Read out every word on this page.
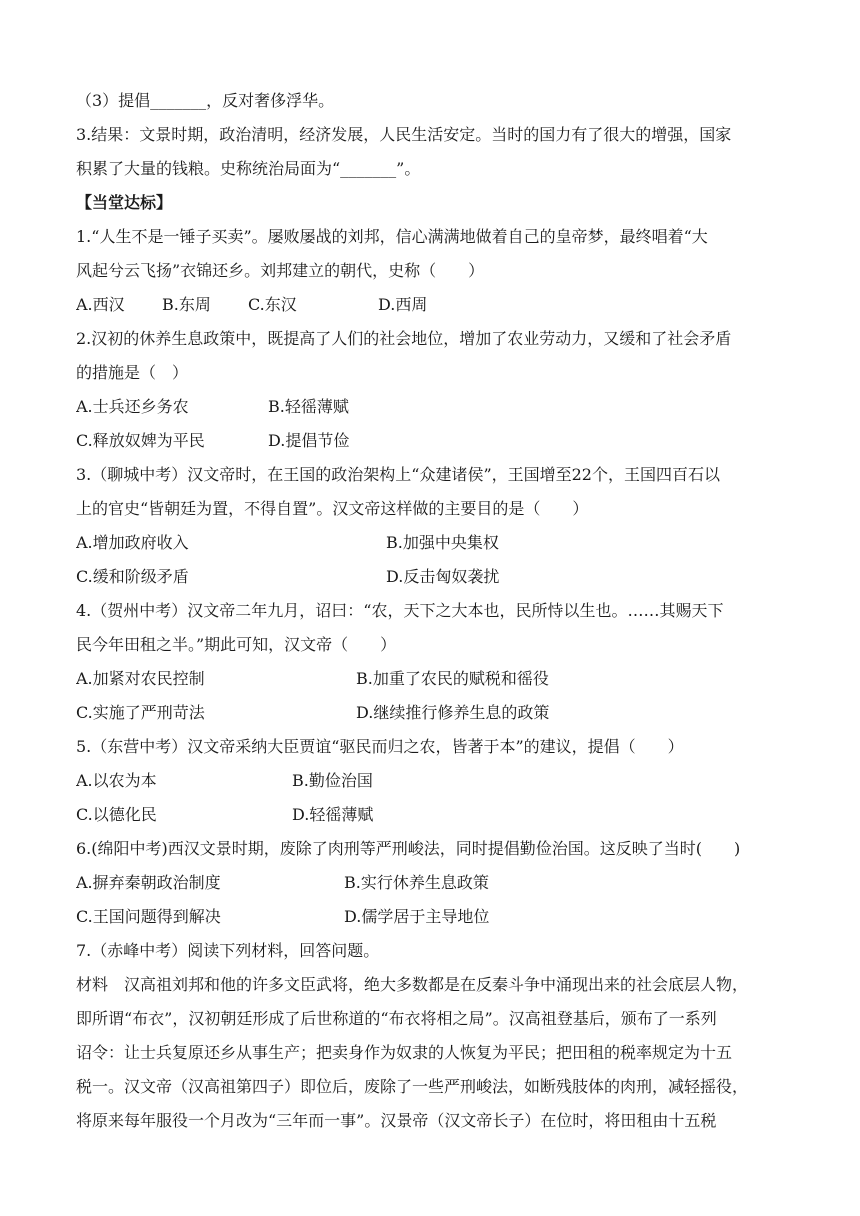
（3）提倡_______，反对奢侈浮华。
3.结果：文景时期，政治清明，经济发展，人民生活安定。当时的国力有了很大的增强，国家
积累了大量的钱粮。史称统治局面为“_______”。
【当堂达标】
1.“人生不是一锤子买卖”。屡败屡战的刘邦，信心满满地做着自己的皇帝梦，最终唱着“大
风起兮云飞扬”衣锦还乡。刘邦建立的朝代，史称（　　）
A.西汉	B.东周	C.东汉	D.西周
2.汉初的休养生息政策中，既提高了人们的社会地位，增加了农业劳动力，又缓和了社会矛盾
的措施是（　）
A.士兵还乡务农	B.轻徭薄赋
C.释放奴婢为平民	D.提倡节俭
3.（聊城中考）汉文帝时，在王国的政治架构上“众建诸侯”，王国增至22个，王国四百石以
上的官史“皆朝廷为置，不得自置”。汉文帝这样做的主要目的是（　　）
A.增加政府收入	B.加强中央集权
C.缓和阶级矛盾	D.反击匈奴袭扰
4.（贺州中考）汉文帝二年九月，诏曰：“农，天下之大本也，民所恃以生也。……其赐天下
民今年田租之半。”期此可知，汉文帝（　　）
A.加紧对农民控制	B.加重了农民的赋税和徭役
C.实施了严刑苛法	D.继续推行修养生息的政策
5.（东营中考）汉文帝采纳大臣贾谊“驱民而归之农，皆著于本”的建议，提倡（　　）
A.以农为本	B.勤俭治国
C.以德化民	D.轻徭薄赋
6.(绵阳中考)西汉文景时期，废除了肉刑等严刑峻法，同时提倡勤俭治国。这反映了当时(　　)
A.摒弃秦朝政治制度	B.实行休养生息政策
C.王国问题得到解决	D.儒学居于主导地位
7.（赤峰中考）阅读下列材料，回答问题。
材料　汉高祖刘邦和他的许多文臣武将，绝大多数都是在反秦斗争中涌现出来的社会底层人物，
即所谓“布衣”，汉初朝廷形成了后世称道的“布衣将相之局”。汉高祖登基后，颁布了一系列
诏令：让士兵复原还乡从事生产；把卖身作为奴隶的人恢复为平民；把田租的税率规定为十五
税一。汉文帝（汉高祖第四子）即位后，废除了一些严刑峻法，如断残肢体的肉刑，减轻摇役，
将原来每年服役一个月改为“三年而一事”。汉景帝（汉文帝长子）在位时，将田租由十五税
